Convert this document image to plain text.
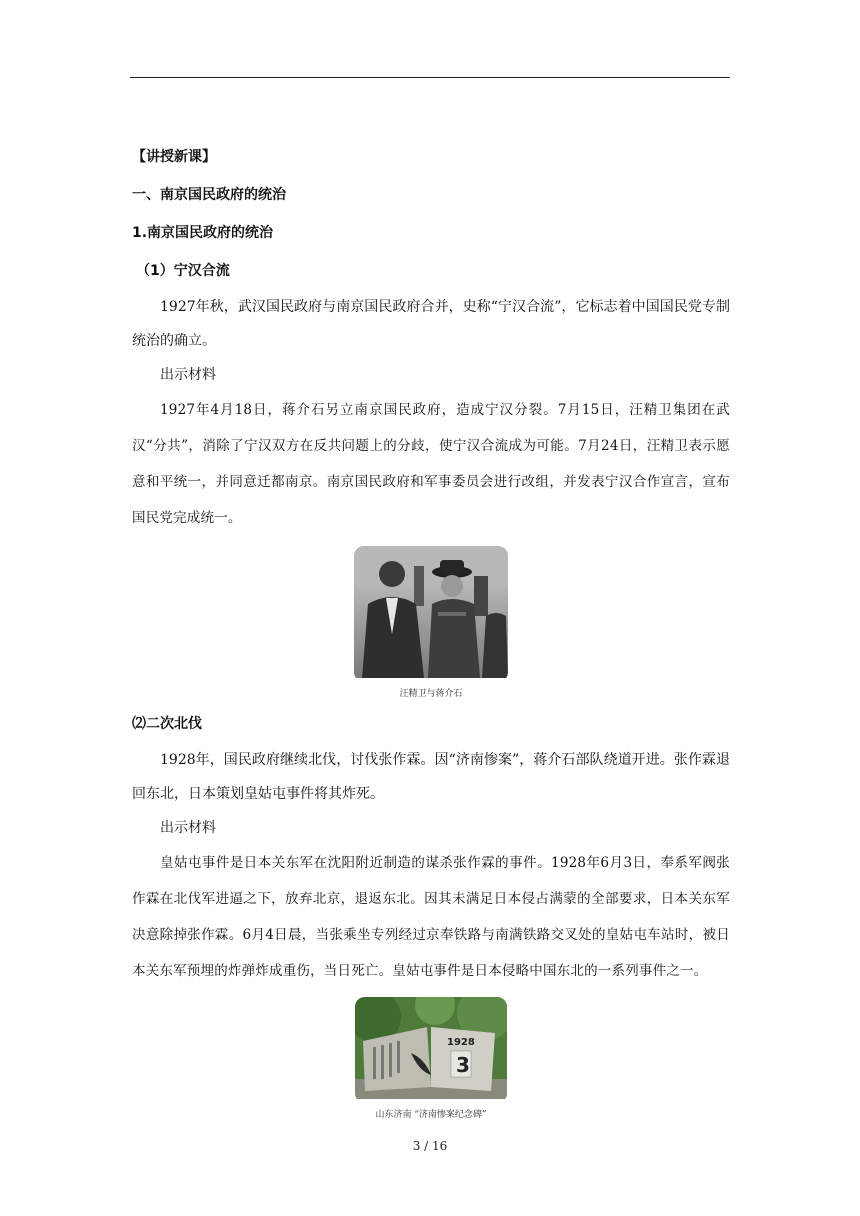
【讲授新课】

一、南京国民政府的统治

1.南京国民政府的统治

（1）宁汉合流

1927年秋，武汉国民政府与南京国民政府合并，史称“宁汉合流”，它标志着中国国民党专制统治的确立。

出示材料

1927年4月18日，蒋介石另立南京国民政府，造成宁汉分裂。7月15日，汪精卫集团在武汉“分共”，消除了宁汉双方在反共问题上的分歧，使宁汉合流成为可能。7月24日，汪精卫表示愿意和平统一，并同意迁都南京。南京国民政府和军事委员会进行改组，并发表宁汉合作宣言，宣布国民党完成统一。

汪精卫与蒋介石

⑵二次北伐

1928年，国民政府继续北伐，讨伐张作霖。因“济南惨案”，蒋介石部队绕道开进。张作霖退回东北，日本策划皇姑屯事件将其炸死。

出示材料

皇姑屯事件是日本关东军在沈阳附近制造的谋杀张作霖的事件。1928年6月3日，奉系军阀张作霖在北伐军进逼之下，放弃北京，退返东北。因其未满足日本侵占满蒙的全部要求，日本关东军决意除掉张作霖。6月4日晨，当张乘坐专列经过京奉铁路与南满铁路交叉处的皇姑屯车站时，被日本关东军预埋的炸弹炸成重伤，当日死亡。皇姑屯事件是日本侵略中国东北的一系列事件之一。

1928
3
山东济南 “济南惨案纪念碑”
3 / 16
